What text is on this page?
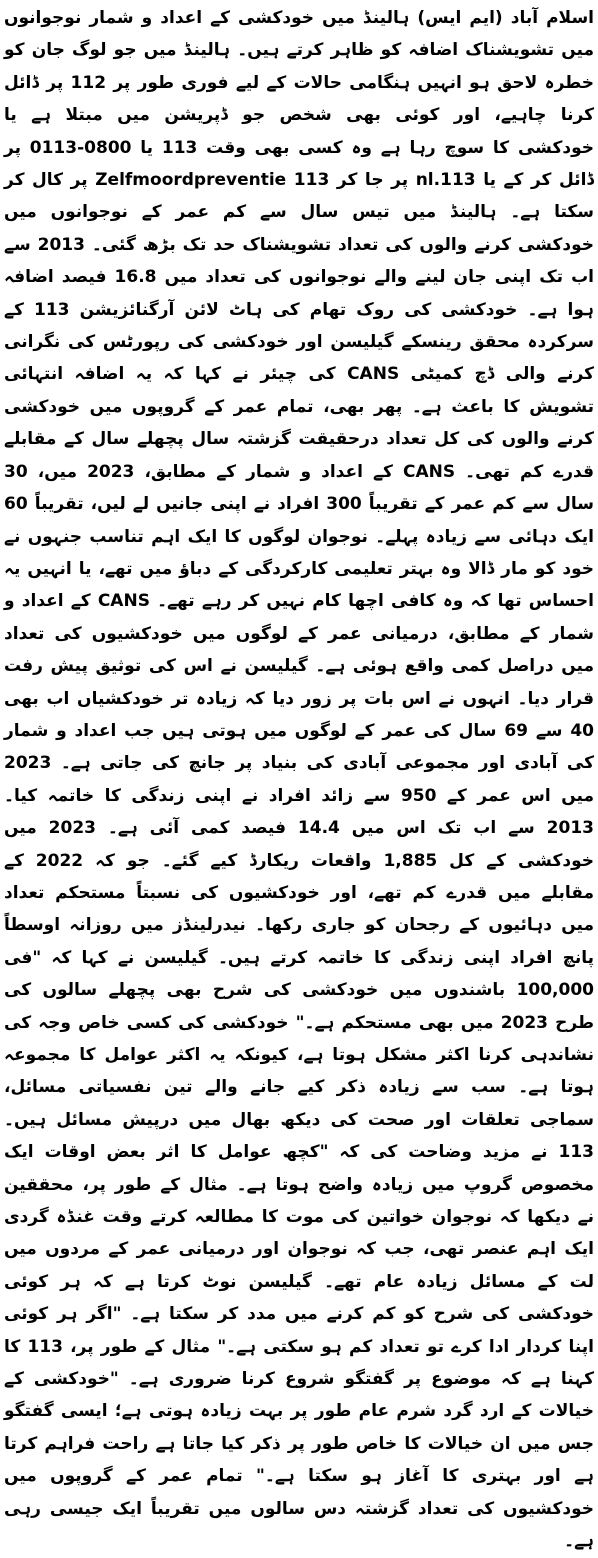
اسلام آباد (ایم ایس) ہالینڈ میں خودکشی کے اعداد و شمار نوجوانوں میں تشویشناک اضافہ کو ظاہر کرتے ہیں۔ ہالینڈ میں جو لوگ جان کو خطرہ لاحق ہو انہیں ہنگامی حالات کے لیے فوری طور پر 112 پر ڈائل کرنا چاہیے، اور کوئی بھی شخص جو ڈپریشن میں مبتلا ہے یا خودکشی کا سوچ رہا ہے وہ کسی بھی وقت 113 یا 0800-0113 پر ڈائل کر کے یا 113.nl پر جا کر 113 Zelfmoordpreventie پر کال کر سکتا ہے۔ ہالینڈ میں تیس سال سے کم عمر کے نوجوانوں میں خودکشی کرنے والوں کی تعداد تشویشناک حد تک بڑھ گئی۔ 2013 سے اب تک اپنی جان لینے والے نوجوانوں کی تعداد میں 16.8 فیصد اضافہ ہوا ہے۔ خودکشی کی روک تھام کی ہاٹ لائن آرگنائزیشن 113 کے سرکردہ محقق رینسکے گیلیسن اور خودکشی کی رپورٹس کی نگرانی کرنے والی ڈچ کمیٹی CANS کی چیئر نے کہا کہ یہ اضافہ انتہائی تشویش کا باعث ہے۔ پھر بھی، تمام عمر کے گروپوں میں خودکشی کرنے والوں کی کل تعداد درحقیقت گزشتہ سال پچھلے سال کے مقابلے قدرے کم تھی۔ CANS کے اعداد و شمار کے مطابق، 2023 میں، 30 سال سے کم عمر کے تقریباً 300 افراد نے اپنی جانیں لے لیں، تقریباً 60 ایک دہائی سے زیادہ پہلے۔ نوجوان لوگوں کا ایک اہم تناسب جنہوں نے خود کو مار ڈالا وہ بہتر تعلیمی کارکردگی کے دباؤ میں تھے، یا انہیں یہ احساس تھا کہ وہ کافی اچھا کام نہیں کر رہے تھے۔ CANS کے اعداد و شمار کے مطابق، درمیانی عمر کے لوگوں میں خودکشیوں کی تعداد میں دراصل کمی واقع ہوئی ہے۔ گیلیسن نے اس کی توثیق پیش رفت قرار دیا۔ انہوں نے اس بات پر زور دیا کہ زیادہ تر خودکشیاں اب بھی 40 سے 69 سال کی عمر کے لوگوں میں ہوتی ہیں جب اعداد و شمار کی آبادی اور مجموعی آبادی کی بنیاد پر جانچ کی جاتی ہے۔ 2023 میں اس عمر کے 950 سے زائد افراد نے اپنی زندگی کا خاتمہ کیا۔ 2013 سے اب تک اس میں 14.4 فیصد کمی آئی ہے۔ 2023 میں خودکشی کے کل 1,885 واقعات ریکارڈ کیے گئے۔ جو کہ 2022 کے مقابلے میں قدرے کم تھے، اور خودکشیوں کی نسبتاً مستحکم تعداد میں دہائیوں کے رجحان کو جاری رکھا۔ نیدرلینڈز میں روزانہ اوسطاً پانچ افراد اپنی زندگی کا خاتمہ کرتے ہیں۔ گیلیسن نے کہا کہ "فی 100,000 باشندوں میں خودکشی کی شرح بھی پچھلے سالوں کی طرح 2023 میں بھی مستحکم ہے۔" خودکشی کی کسی خاص وجہ کی نشاندہی کرنا اکثر مشکل ہوتا ہے، کیونکہ یہ اکثر عوامل کا مجموعہ ہوتا ہے۔ سب سے زیادہ ذکر کیے جانے والے تین نفسیاتی مسائل، سماجی تعلقات اور صحت کی دیکھ بھال میں درپیش مسائل ہیں۔ 113 نے مزید وضاحت کی کہ "کچھ عوامل کا اثر بعض اوقات ایک مخصوص گروپ میں زیادہ واضح ہوتا ہے۔ مثال کے طور پر، محققین نے دیکھا کہ نوجوان خواتین کی موت کا مطالعہ کرتے وقت غنڈہ گردی ایک اہم عنصر تھی، جب کہ نوجوان اور درمیانی عمر کے مردوں میں لت کے مسائل زیادہ عام تھے۔ گیلیسن نوٹ کرتا ہے کہ ہر کوئی خودکشی کی شرح کو کم کرنے میں مدد کر سکتا ہے۔ "اگر ہر کوئی اپنا کردار ادا کرے تو تعداد کم ہو سکتی ہے۔" مثال کے طور پر، 113 کا کہنا ہے کہ موضوع پر گفتگو شروع کرنا ضروری ہے۔ "خودکشی کے خیالات کے ارد گرد شرم عام طور پر بہت زیادہ ہوتی ہے؛ ایسی گفتگو جس میں ان خیالات کا خاص طور پر ذکر کیا جاتا ہے راحت فراہم کرتا ہے اور بہتری کا آغاز ہو سکتا ہے۔" تمام عمر کے گروپوں میں خودکشیوں کی تعداد گزشتہ دس سالوں میں تقریباً ایک جیسی رہی ہے۔
